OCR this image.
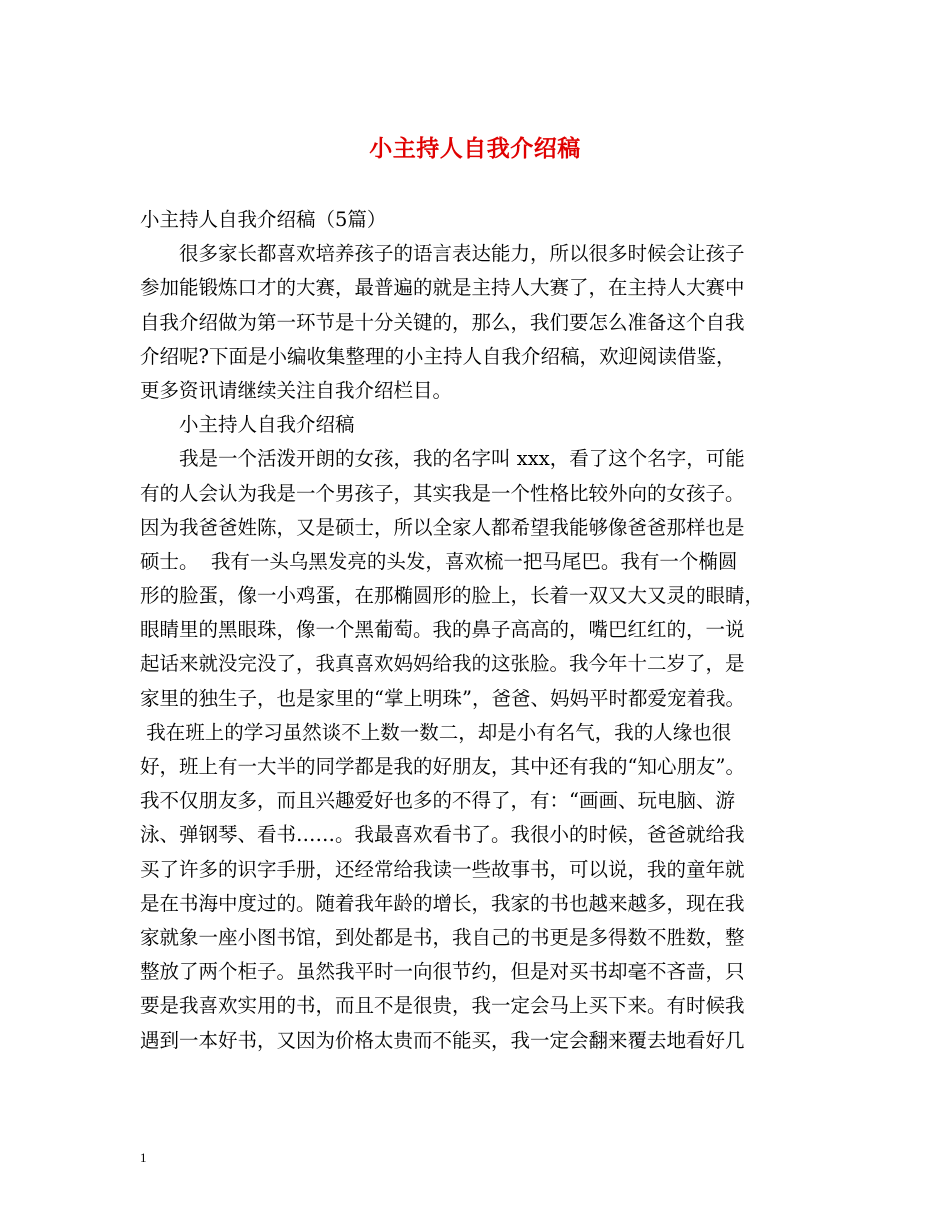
小主持人自我介绍稿
小主持人自我介绍稿（5篇）
很多家长都喜欢培养孩子的语言表达能力，所以很多时候会让孩子
参加能锻炼口才的大赛，最普遍的就是主持人大赛了，在主持人大赛中
自我介绍做为第一环节是十分关键的，那么，我们要怎么准备这个自我
介绍呢?下面是小编收集整理的小主持人自我介绍稿，欢迎阅读借鉴，
更多资讯请继续关注自我介绍栏目。
小主持人自我介绍稿
我是一个活泼开朗的女孩，我的名字叫 xxx，看了这个名字，可能
有的人会认为我是一个男孩子，其实我是一个性格比较外向的女孩子。
因为我爸爸姓陈，又是硕士，所以全家人都希望我能够像爸爸那样也是
硕士。  我有一头乌黑发亮的头发，喜欢梳一把马尾巴。我有一个椭圆
形的脸蛋，像一小鸡蛋，在那椭圆形的脸上，长着一双又大又灵的眼睛，
眼睛里的黑眼珠，像一个黑葡萄。我的鼻子高高的，嘴巴红红的，一说
起话来就没完没了，我真喜欢妈妈给我的这张脸。我今年十二岁了，是
家里的独生子，也是家里的“掌上明珠”，爸爸、妈妈平时都爱宠着我。
我在班上的学习虽然谈不上数一数二，却是小有名气，我的人缘也很
好，班上有一大半的同学都是我的好朋友，其中还有我的“知心朋友”。
我不仅朋友多，而且兴趣爱好也多的不得了，有：“画画、玩电脑、游
泳、弹钢琴、看书……。我最喜欢看书了。我很小的时候，爸爸就给我
买了许多的识字手册，还经常给我读一些故事书，可以说，我的童年就
是在书海中度过的。随着我年龄的增长，我家的书也越来越多，现在我
家就象一座小图书馆，到处都是书，我自己的书更是多得数不胜数，整
整放了两个柜子。虽然我平时一向很节约，但是对买书却毫不吝啬，只
要是我喜欢实用的书，而且不是很贵，我一定会马上买下来。有时候我
遇到一本好书，又因为价格太贵而不能买，我一定会翻来覆去地看好几
1
